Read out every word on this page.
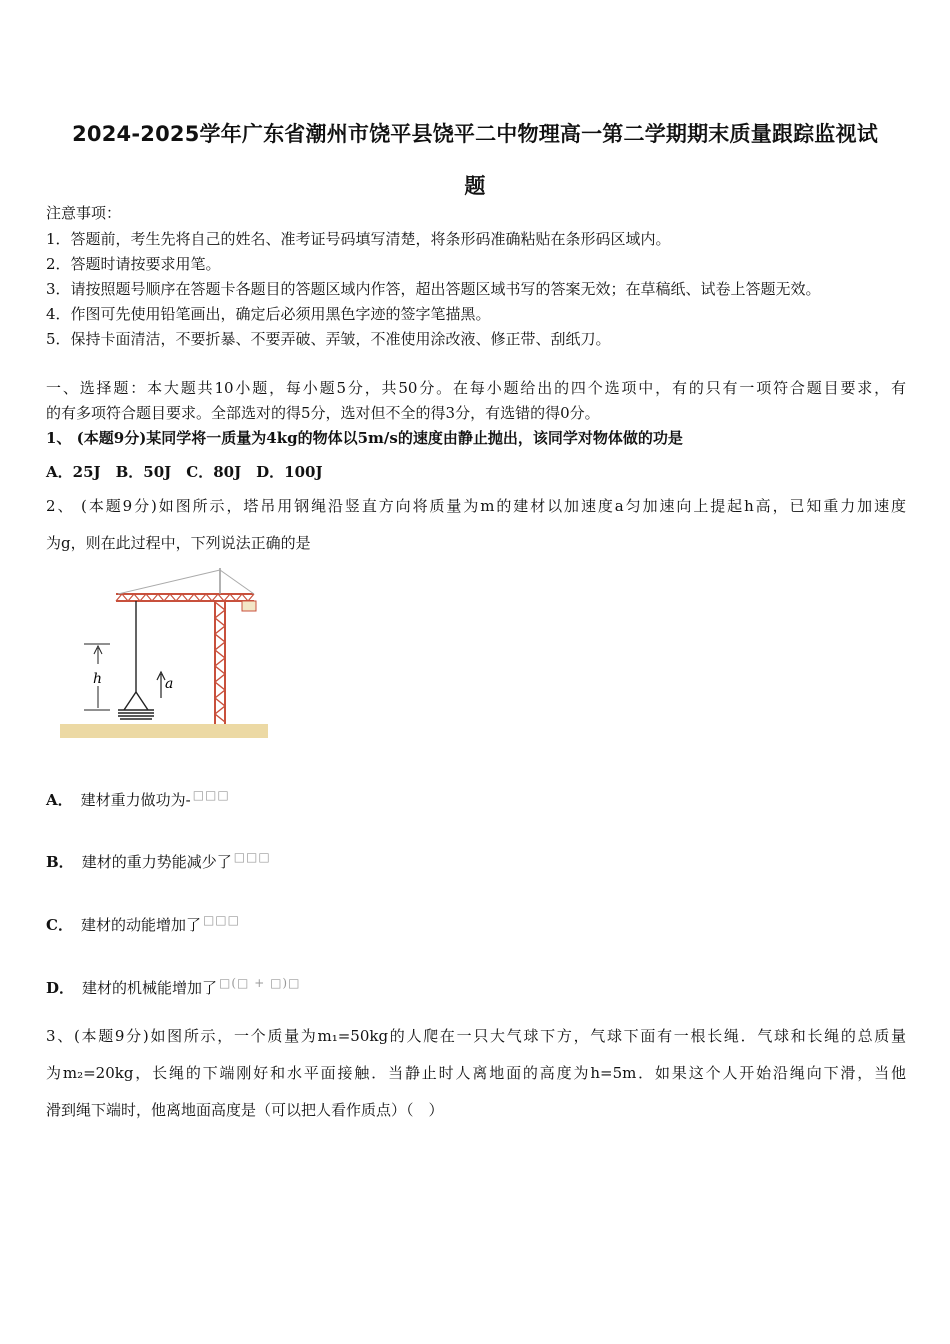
2024-2025学年广东省潮州市饶平县饶平二中物理高一第二学期期末质量跟踪监视试
题
注意事项：
1．答题前，考生先将自己的姓名、准考证号码填写清楚，将条形码准确粘贴在条形码区域内。
2．答题时请按要求用笔。
3．请按照题号顺序在答题卡各题目的答题区域内作答，超出答题区域书写的答案无效；在草稿纸、试卷上答题无效。
4．作图可先使用铅笔画出，确定后必须用黑色字迹的签字笔描黑。
5．保持卡面清洁，不要折暴、不要弄破、弄皱，不准使用涂改液、修正带、刮纸刀。
一、选择题：本大题共10小题，每小题5分，共50分。在每小题给出的四个选项中，有的只有一项符合题目要求，有
的有多项符合题目要求。全部选对的得5分，选对但不全的得3分，有选错的得0分。
1、 (本题9分)某同学将一质量为4kg的物体以5m/s的速度由静止抛出，该同学对物体做的功是
A．25J　B．50J　C．80J　D．100J
2、 (本题9分)如图所示，塔吊用钢绳沿竖直方向将质量为m的建材以加速度a匀加速向上提起h高，已知重力加速度
为g，则在此过程中，下列说法正确的是
h	a
A． 建材重力做功为- □□□
B． 建材的重力势能减少了 □□□
C． 建材的动能增加了 □□□
D． 建材的机械能增加了 □(□ + □)□
3、(本题9分)如图所示，一个质量为m₁=50kg的人爬在一只大气球下方，气球下面有一根长绳．气球和长绳的总质量
为m₂=20kg，长绳的下端刚好和水平面接触．当静止时人离地面的高度为h=5m．如果这个人开始沿绳向下滑，当他
滑到绳下端时，他离地面高度是（可以把人看作质点）（　）
